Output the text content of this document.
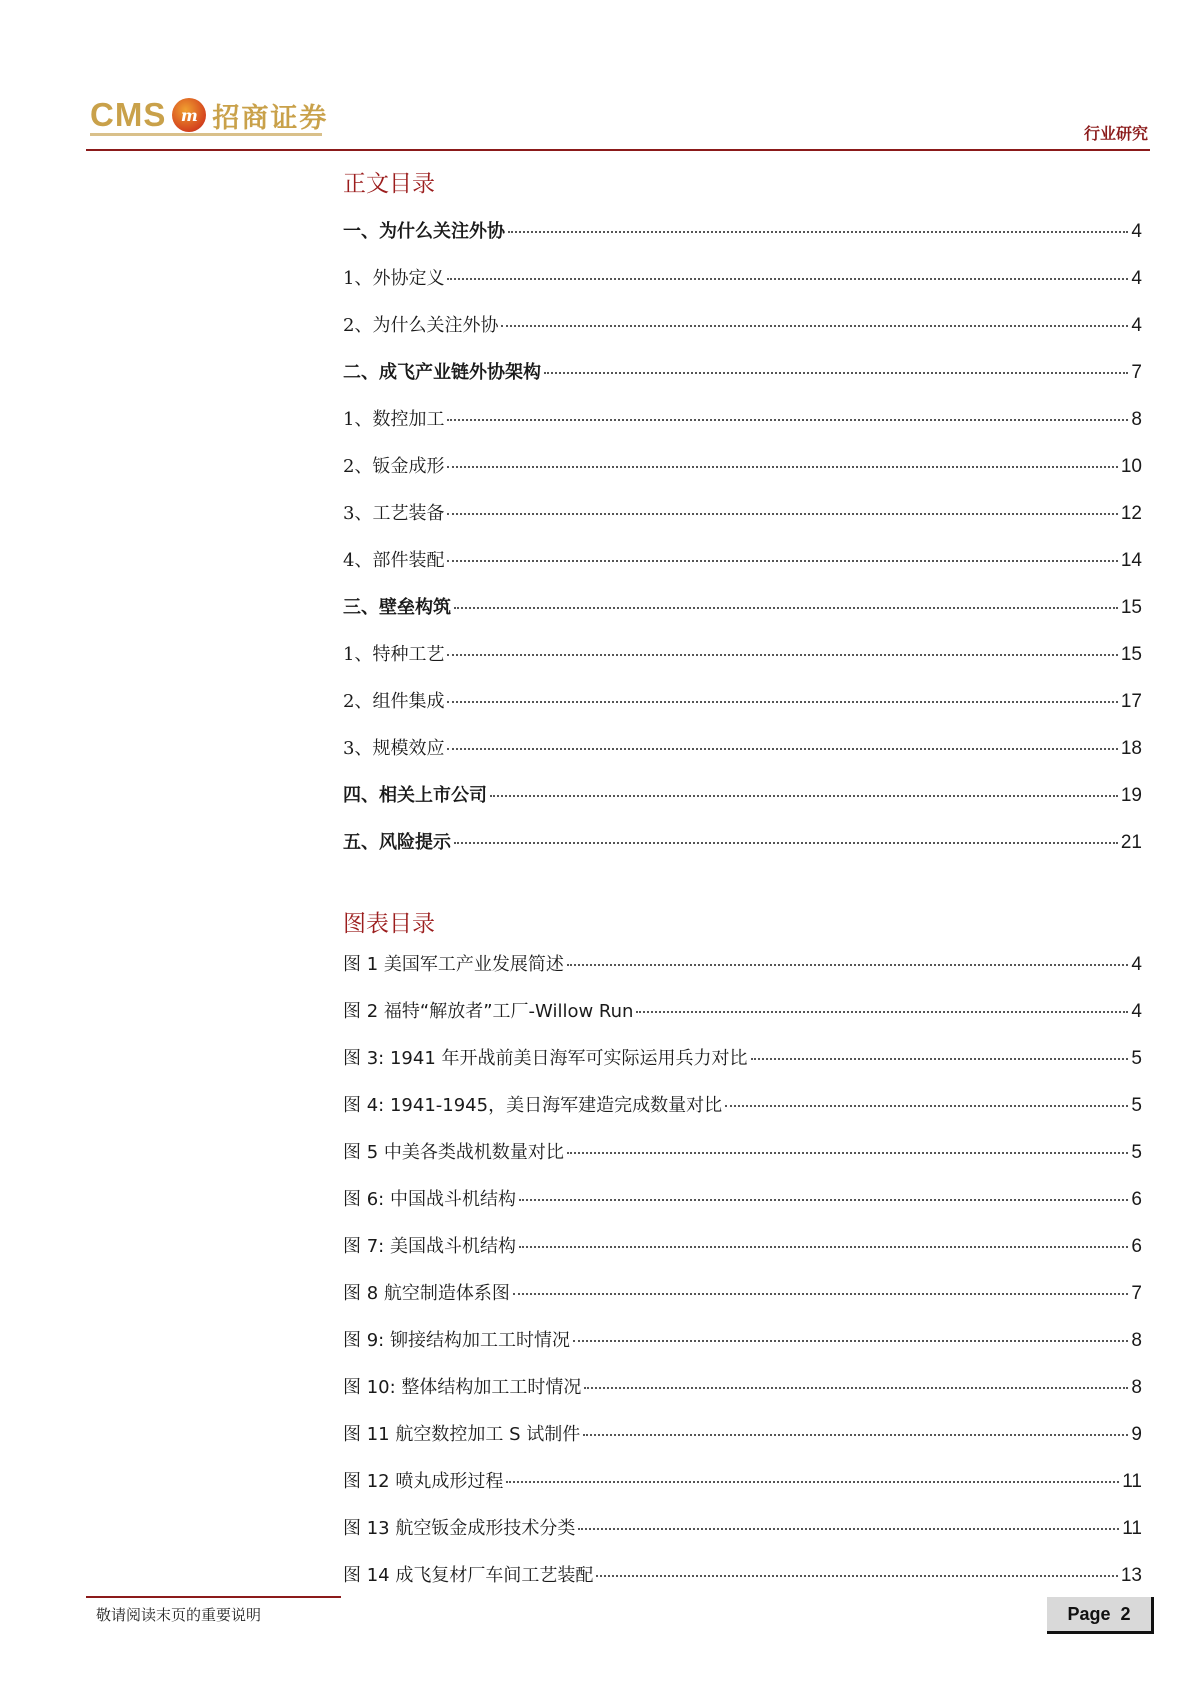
CMS m 招商证券	行业研究
正文目录
一、为什么关注外协	4
1、外协定义	4
2、为什么关注外协	4
二、成飞产业链外协架构	7
1、数控加工	8
2、钣金成形	10
3、工艺装备	12
4、部件装配	14
三、壁垒构筑	15
1、特种工艺	15
2、组件集成	17
3、规模效应	18
四、相关上市公司	19
五、风险提示	21
图表目录
图 1 美国军工产业发展简述	4
图 2 福特“解放者”工厂-Willow Run	4
图 3: 1941 年开战前美日海军可实际运用兵力对比	5
图 4: 1941-1945，美日海军建造完成数量对比	5
图 5 中美各类战机数量对比	5
图 6: 中国战斗机结构	6
图 7: 美国战斗机结构	6
图 8 航空制造体系图	7
图 9: 铆接结构加工工时情况	8
图 10: 整体结构加工工时情况	8
图 11 航空数控加工 S 试制件	9
图 12 喷丸成形过程	11
图 13 航空钣金成形技术分类	11
图 14 成飞复材厂车间工艺装配	13
敬请阅读末页的重要说明	Page 2
